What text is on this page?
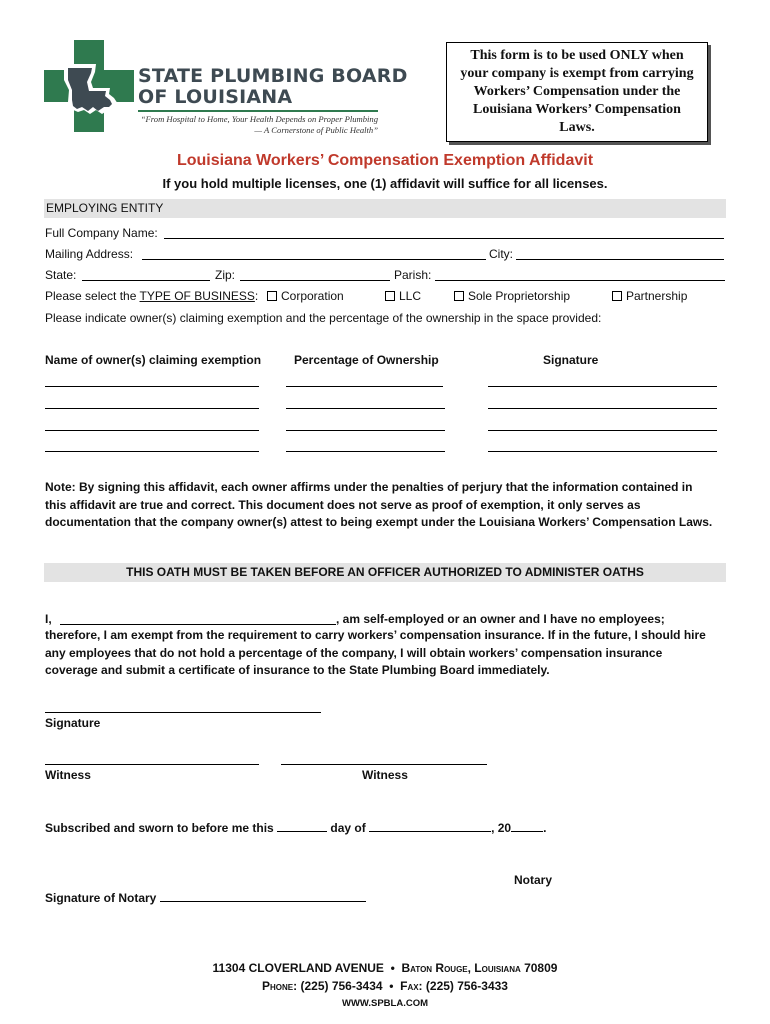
STATE PLUMBING BOARD
OF LOUISIANA
“From Hospital to Home, Your Health Depends on Proper Plumbing
— A Cornerstone of Public Health”
This form is to be used ONLY when
your company is exempt from carrying
Workers’ Compensation under the
Louisiana Workers’ Compensation
Laws.
Louisiana Workers’ Compensation Exemption Affidavit
If you hold multiple licenses, one (1) affidavit will suffice for all licenses.
EMPLOYING ENTITY
Full Company Name:
Mailing Address:	City:
State:	Zip:	Parish:
Please select the TYPE OF BUSINESS:	Corporation	LLC	Sole Proprietorship	Partnership
Please indicate owner(s) claiming exemption and the percentage of the ownership in the space provided:
Name of owner(s) claiming exemption	Percentage of Ownership	Signature
Note: By signing this affidavit, each owner affirms under the penalties of perjury that the information contained in
this affidavit are true and correct. This document does not serve as proof of exemption, it only serves as
documentation that the company owner(s) attest to being exempt under the Louisiana Workers’ Compensation Laws.
THIS OATH MUST BE TAKEN BEFORE AN OFFICER AUTHORIZED TO ADMINISTER OATHS
I,	, am self-employed or an owner and I have no employees;
therefore, I am exempt from the requirement to carry workers’ compensation insurance. If in the future, I should hire
any employees that do not hold a percentage of the company, I will obtain workers’ compensation insurance
coverage and submit a certificate of insurance to the State Plumbing Board immediately.
Signature
Witness	Witness
Subscribed and sworn to before me this	day of	, 20	.
Notary
Signature of Notary
11304 CLOVERLAND AVENUE  •  Baton Rouge, Louisiana 70809
Phone: (225) 756-3434  •  Fax: (225) 756-3433
WWW.SPBLA.COM
